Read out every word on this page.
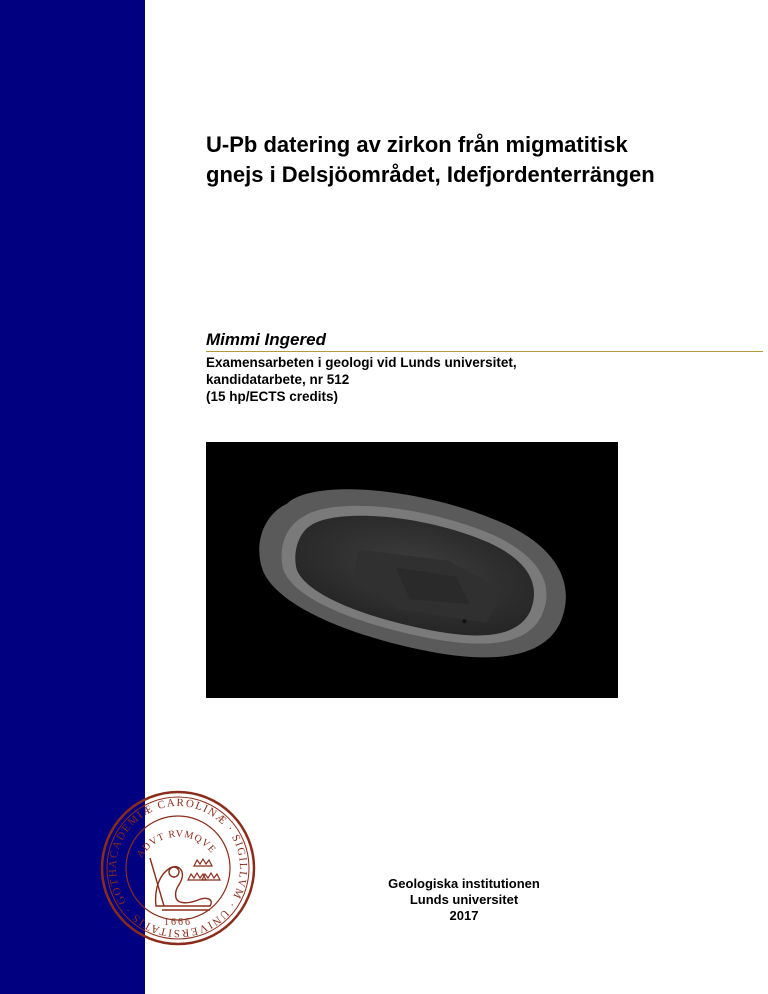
U-Pb datering av zirkon från migmatitisk
gnejs i Delsjöområdet, Idefjordenterrängen
Mimmi Ingered
Examensarbeten i geologi vid Lunds universitet,
kandidatarbete, nr 512
(15 hp/ECTS credits)
ACADEMIÆ CAROLINÆ · SIGILLVM · UNIVERSITATIS · GOTH
ADVT RVMQVE
1666
Geologiska institutionen
Lunds universitet
2017
